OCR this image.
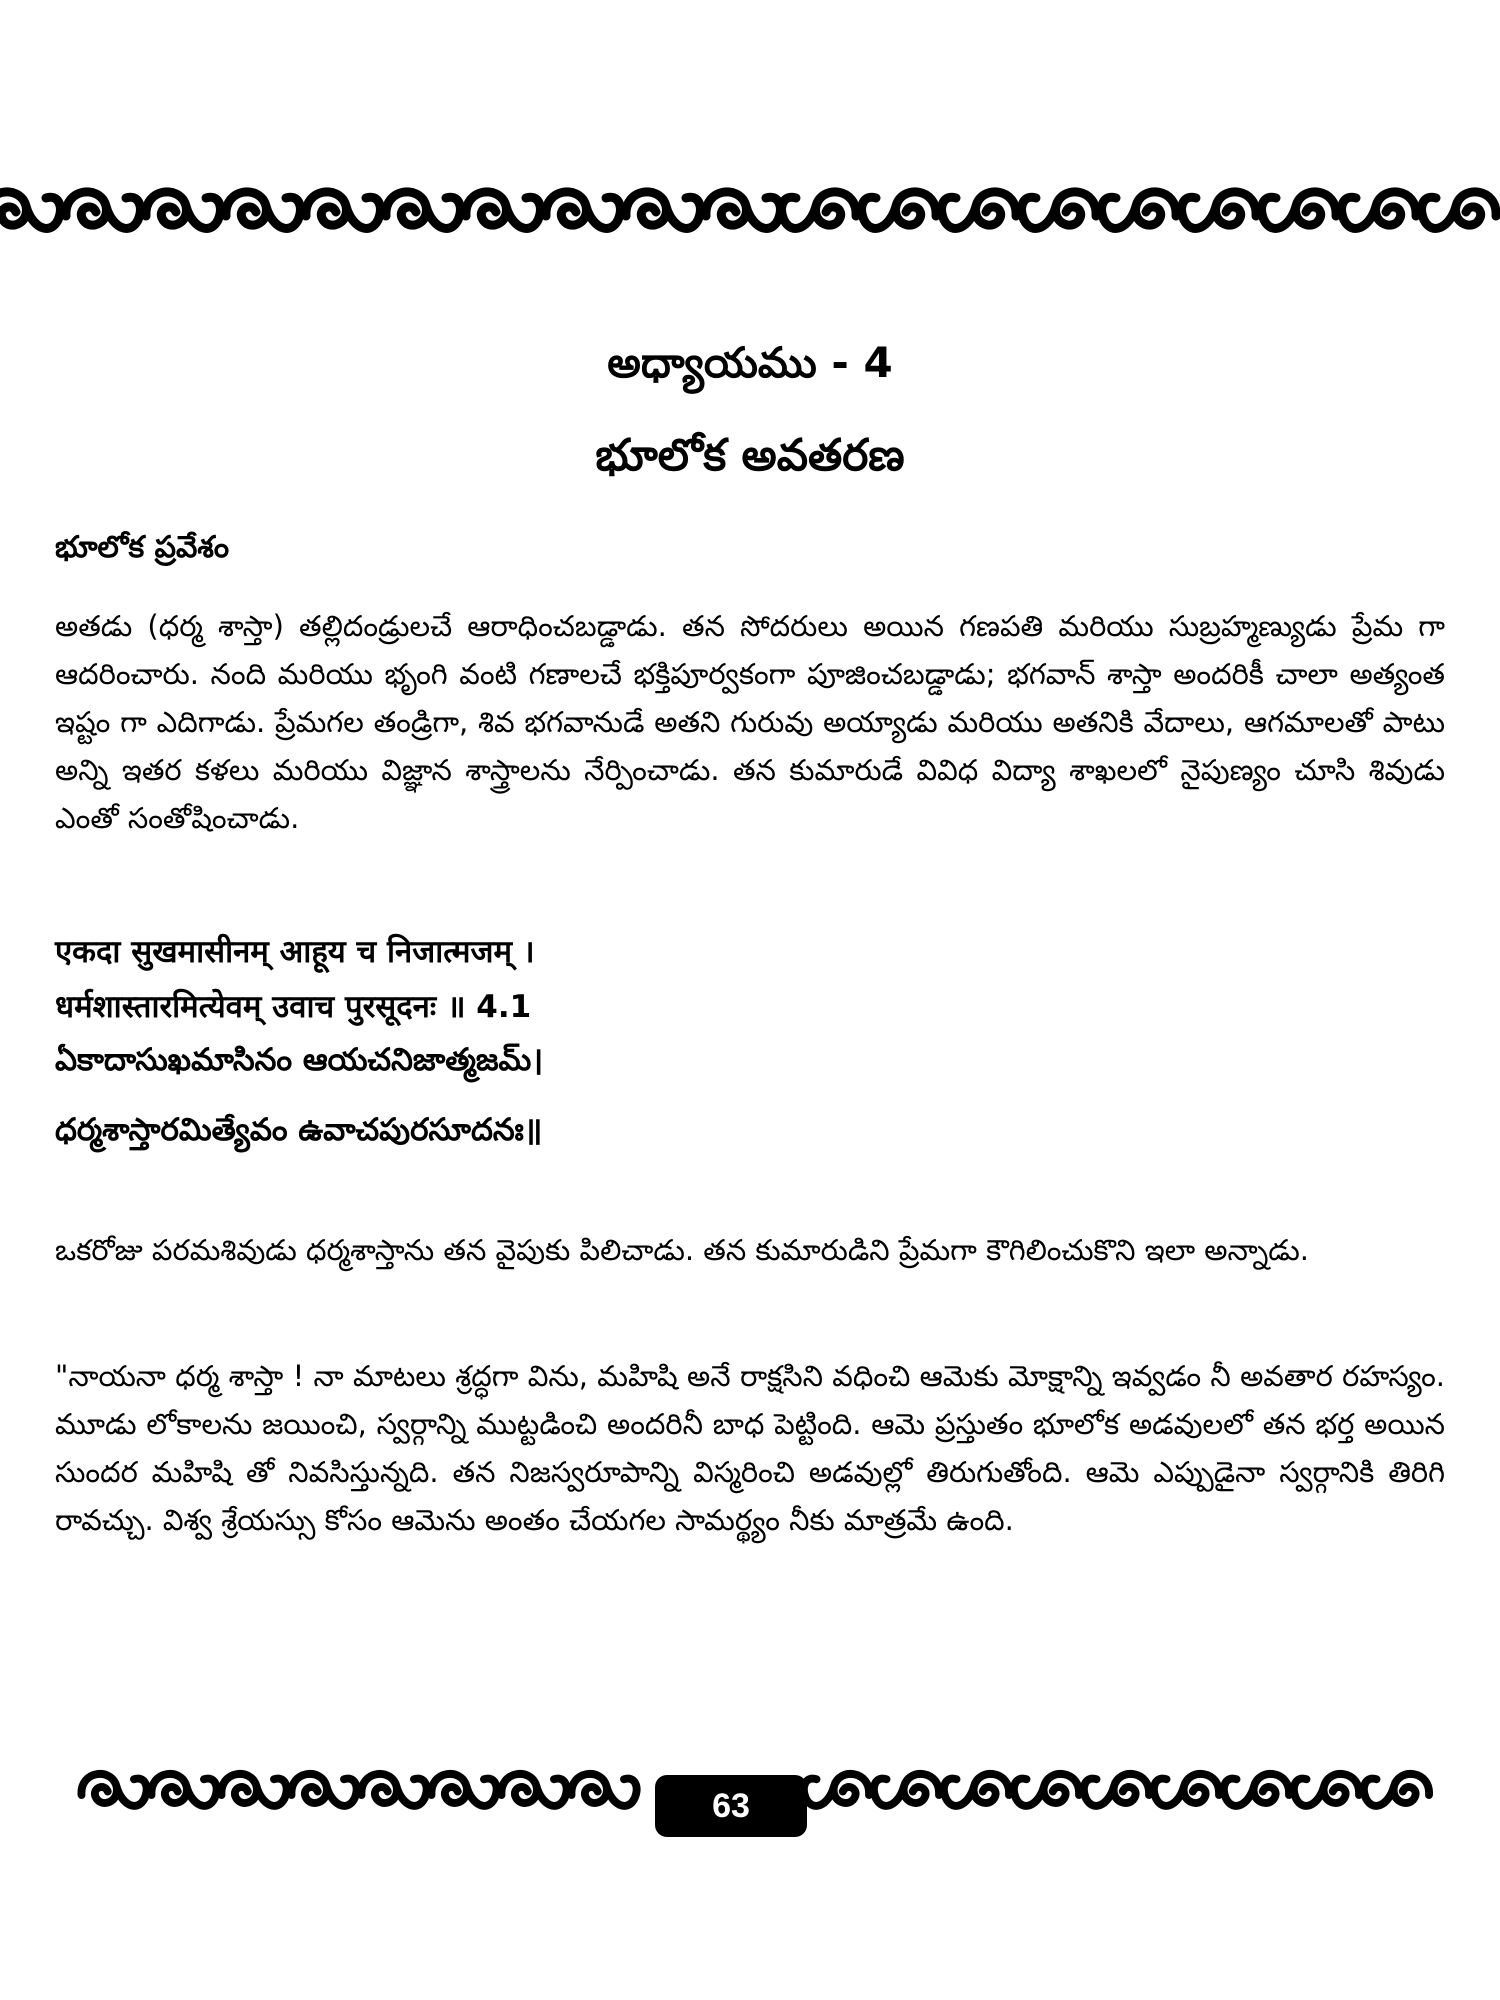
అధ్యాయము - 4
భూలోక అవతరణ
భూలోక ప్రవేశం

అతడు (ధర్మ శాస్తా) తల్లిదండ్రులచే ఆరాధించబడ్డాడు. తన సోదరులు అయిన గణపతి మరియు సుబ్రహ్మణ్యుడు ప్రేమ గా ఆదరించారు. నంది మరియు భృంగి వంటి గణాలచే భక్తిపూర్వకంగా పూజించబడ్డాడు; భగవాన్ శాస్తా అందరికీ చాలా అత్యంత ఇష్టం గా ఎదిగాడు. ప్రేమగల తండ్రిగా, శివ భగవానుడే అతని గురువు అయ్యాడు మరియు అతనికి వేదాలు, ఆగమాలతో పాటు అన్ని ఇతర కళలు మరియు విజ్ఞాన శాస్త్రాలను నేర్పించాడు. తన కుమారుడే వివిధ విద్యా శాఖలలో నైపుణ్యం చూసి శివుడు ఎంతో సంతోషించాడు.

एकदा सुखमासीनम् आहूय च निजात्मजम् ।

धर्मशास्तारमित्येवम् उवाच पुरसूदनः ॥ 4.1

ఏకాదాసుఖమాసినం ఆయచనిజాత్మజమ్।

ధర్మశాస్తారమిత్యేవం ఉవాచపురసూదనః॥

ఒకరోజు పరమశివుడు ధర్మశాస్తాను తన వైపుకు పిలిచాడు. తన కుమారుడిని ప్రేమగా కౌగిలించుకొని ఇలా అన్నాడు.

"నాయనా ధర్మ శాస్తా ! నా మాటలు శ్రద్ధగా విను, మహిషి అనే రాక్షసిని వధించి ఆమెకు మోక్షాన్ని ఇవ్వడం నీ అవతార రహస్యం. మూడు లోకాలను జయించి, స్వర్గాన్ని ముట్టడించి అందరినీ బాధ పెట్టింది. ఆమె ప్రస్తుతం భూలోక అడవులలో తన భర్త అయిన సుందర మహిషి తో నివసిస్తున్నది. తన నిజస్వరూపాన్ని విస్మరించి అడవుల్లో తిరుగుతోంది. ఆమె ఎప్పుడైనా స్వర్గానికి తిరిగి రావచ్చు. విశ్వ శ్రేయస్సు కోసం ఆమెను అంతం చేయగల సామర్థ్యం నీకు మాత్రమే ఉంది.

63
